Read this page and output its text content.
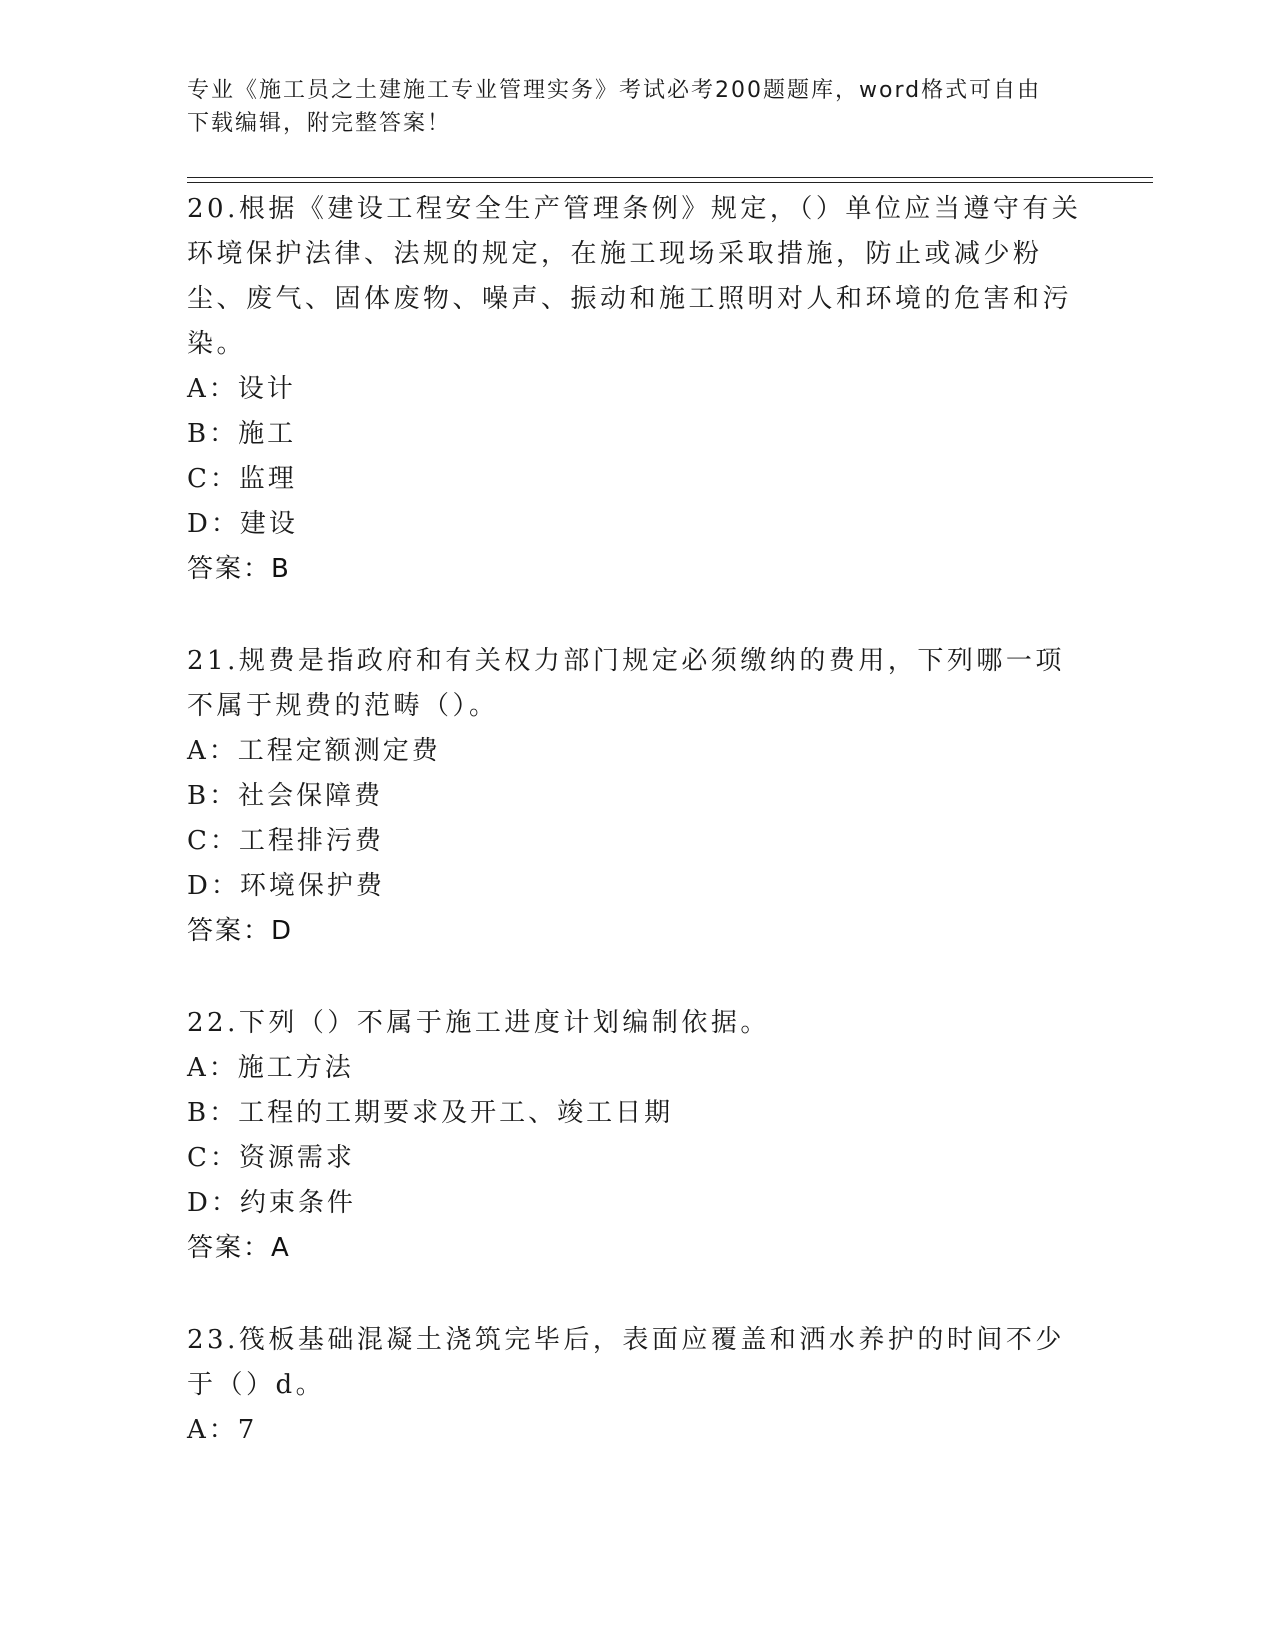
专业《施工员之土建施工专业管理实务》考试必考200题题库，word格式可自由
下载编辑，附完整答案！

20.根据《建设工程安全生产管理条例》规定，（）单位应当遵守有关环境保护法律、法规的规定，在施工现场采取措施，防止或减少粉尘、废气、固体废物、噪声、振动和施工照明对人和环境的危害和污染。

A：设计

B：施工

C：监理

D：建设

答案：B

21.规费是指政府和有关权力部门规定必须缴纳的费用，下列哪一项不属于规费的范畴（）。

A：工程定额测定费

B：社会保障费

C：工程排污费

D：环境保护费

答案：D

22.下列（）不属于施工进度计划编制依据。

A：施工方法

B：工程的工期要求及开工、竣工日期

C：资源需求

D：约束条件

答案：A

23.筏板基础混凝土浇筑完毕后，表面应覆盖和洒水养护的时间不少于（）d。

A：7
